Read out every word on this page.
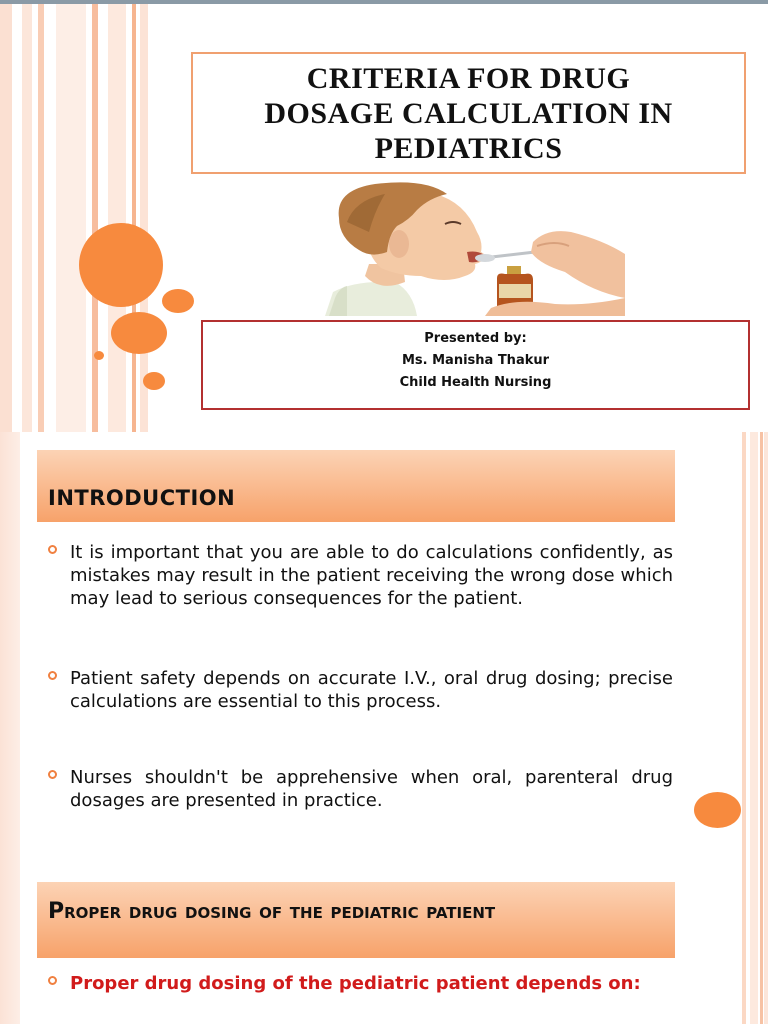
CRITERIA FOR DRUG
DOSAGE CALCULATION IN
PEDIATRICS
Presented by:
Ms. Manisha Thakur
Child Health Nursing
INTRODUCTION
It is important that you are able to do calculations confidently, as mistakes may result in the patient receiving the wrong dose which may lead to serious consequences for the patient.
Patient safety depends on accurate I.V., oral drug dosing; precise calculations are essential to this process.
Nurses shouldn't be apprehensive when oral, parenteral drug dosages are presented in practice.
Proper drug dosing of the pediatric patient
Proper drug dosing of the pediatric patient depends on:
